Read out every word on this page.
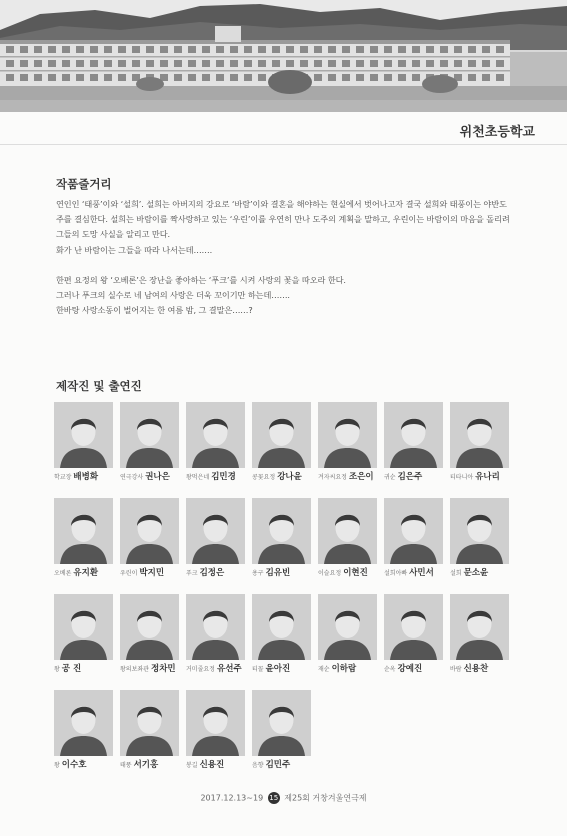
위천초등학교
작품줄거리

연인인 ‘태풍’이와 ‘설희’. 설희는 아버지의 강요로 ‘바람’이와 결혼을 해야하는 현실에서 벗어나고자 결국 설희와 태풍이는 야반도주를 결심한다. 설희는 바람이를 짝사랑하고 있는 ‘우린’이를 우연히 만나 도주의 계획을 말하고, 우린이는 바람이의 마음을 돌리려 그들의 도망 사실을 알리고 만다.

화가 난 바람이는 그들을 따라 나서는데…….

한편 요정의 왕 ‘오베론’은 장난을 좋아하는 ‘푸크’를 시켜 사랑의 꽃을 따오라 한다.

그러나 푸크의 실수로 네 남여의 사랑은 더욱 꼬이기만 하는데…….

한바탕 사랑소동이 벌어지는 한 여름 밤, 그 결말은……?

제작진 및 출연진
학교장 배병화	연극강사 권나은	왕먹은네 김민경	콩꽃요정 강나윤	겨자씨요정 조은이 귀순 김은주	티타니아 유나리
오베론 유지환	우린이 박지민	푸크 김정은	용구 김유빈	이슬요정 이현진	설희아빠 사민서	설희 문소윤
왕 공 진	왕의보좌관 정차민 거미줄요정 유선주 티꼴 윤아진	재순 이하람	순옥 강예진	바람 신용찬
왕 이수호	태풍 서기홍	봉길 신용진	음향 김민주
2017.12.13~19 15 제25회 거창겨울연극제
